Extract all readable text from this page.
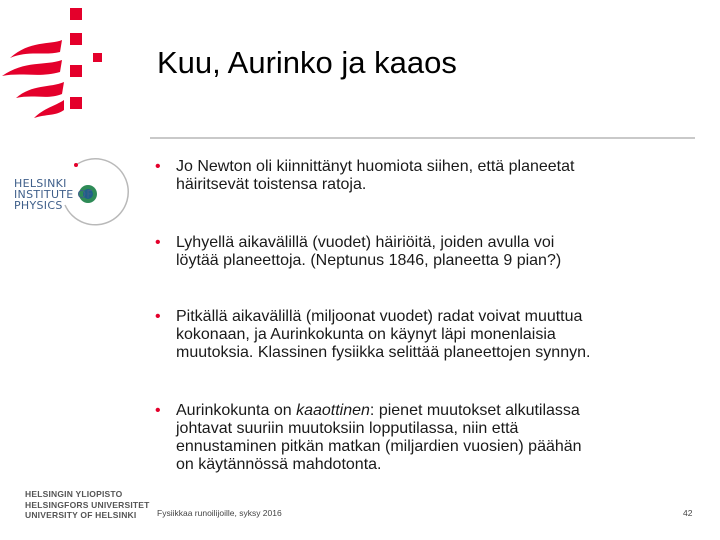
Kuu, Aurinko ja kaaos
HELSINKI
INSTITUTE OF
PHYSICS
HELSINGIN YLIOPISTO
HELSINGFORS UNIVERSITET
UNIVERSITY OF HELSINKI
• Jo Newton oli kiinnittänyt huomiota siihen, että planeetat
häiritsevät toistensa ratoja.
• Lyhyellä aikavälillä (vuodet) häiriöitä, joiden avulla voi
löytää planeettoja. (Neptunus 1846, planeetta 9 pian?)
• Pitkällä aikavälillä (miljoonat vuodet) radat voivat muuttua
kokonaan, ja Aurinkokunta on käynyt läpi monenlaisia
muutoksia. Klassinen fysiikka selittää planeettojen synnyn.
• Aurinkokunta on kaaottinen: pienet muutokset alkutilassa
johtavat suuriin muutoksiin lopputilassa, niin että
ennustaminen pitkän matkan (miljardien vuosien) päähän
on käytännössä mahdotonta.
Fysiikkaa runoilijoille, syksy 2016	42
